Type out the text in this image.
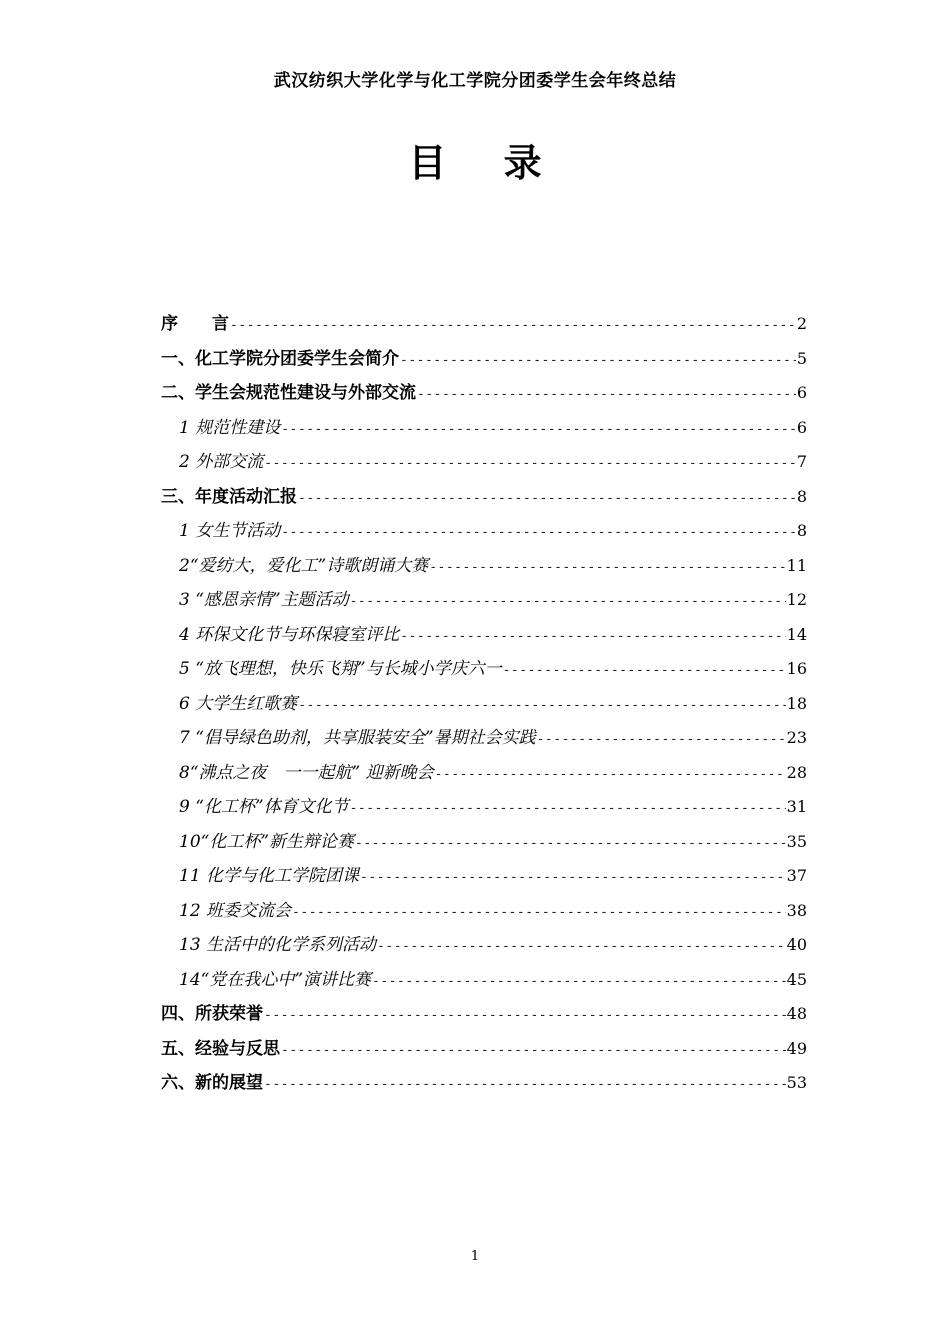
武汉纺织大学化学与化工学院分团委学生会年终总结
目 录
序　　言 -----	2
一、化工学院分团委学生会简介 -----	5
二、学生会规范性建设与外部交流 -----	6
1 规范性建设 -----	6
2 外部交流 -----	7
三、年度活动汇报 -----	8
1 女生节活动 -----	8
2“爱纺大，爱化工”诗歌朗诵大赛 -----	11
3 “感恩亲情”主题活动 -----	12
4 环保文化节与环保寝室评比 -----	14
5 “放飞理想，快乐飞翔”与长城小学庆六一 -----	16
6 大学生红歌赛 -----	18
7 “倡导绿色助剂，共享服装安全”暑期社会实践 -----	23
8“沸点之夜　一一起航” 迎新晚会 -----	28
9 “化工杯”体育文化节 -----	31
10“化工杯”新生辩论赛 -----	35
11 化学与化工学院团课 -----	37
12 班委交流会 -----	38
13 生活中的化学系列活动 -----	40
14“党在我心中”演讲比赛 -----	45
四、所获荣誉 -----	48
五、经验与反思 -----	49
六、新的展望 -----	53
1
